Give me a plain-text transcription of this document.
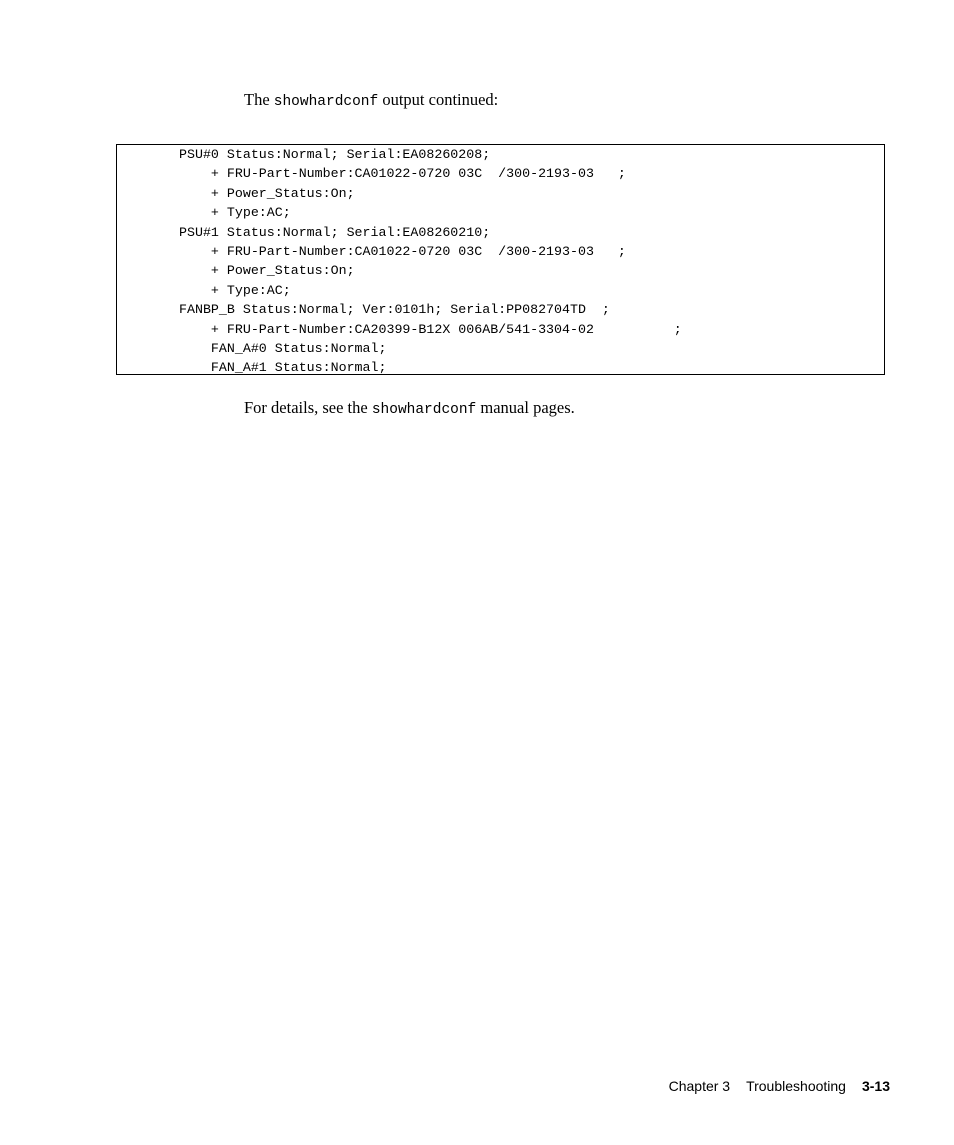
The showhardconf output continued:

PSU#0 Status:Normal; Serial:EA08260208;
+ FRU-Part-Number:CA01022-0720 03C  /300-2193-03   ;
+ Power_Status:On;
+ Type:AC;
PSU#1 Status:Normal; Serial:EA08260210;
+ FRU-Part-Number:CA01022-0720 03C  /300-2193-03   ;
+ Power_Status:On;
+ Type:AC;
FANBP_B Status:Normal; Ver:0101h; Serial:PP082704TD  ;
+ FRU-Part-Number:CA20399-B12X 006AB/541-3304-02          ;
FAN_A#0 Status:Normal;
FAN_A#1 Status:Normal;

For details, see the showhardconf manual pages.

Chapter 3 Troubleshooting 3-13
